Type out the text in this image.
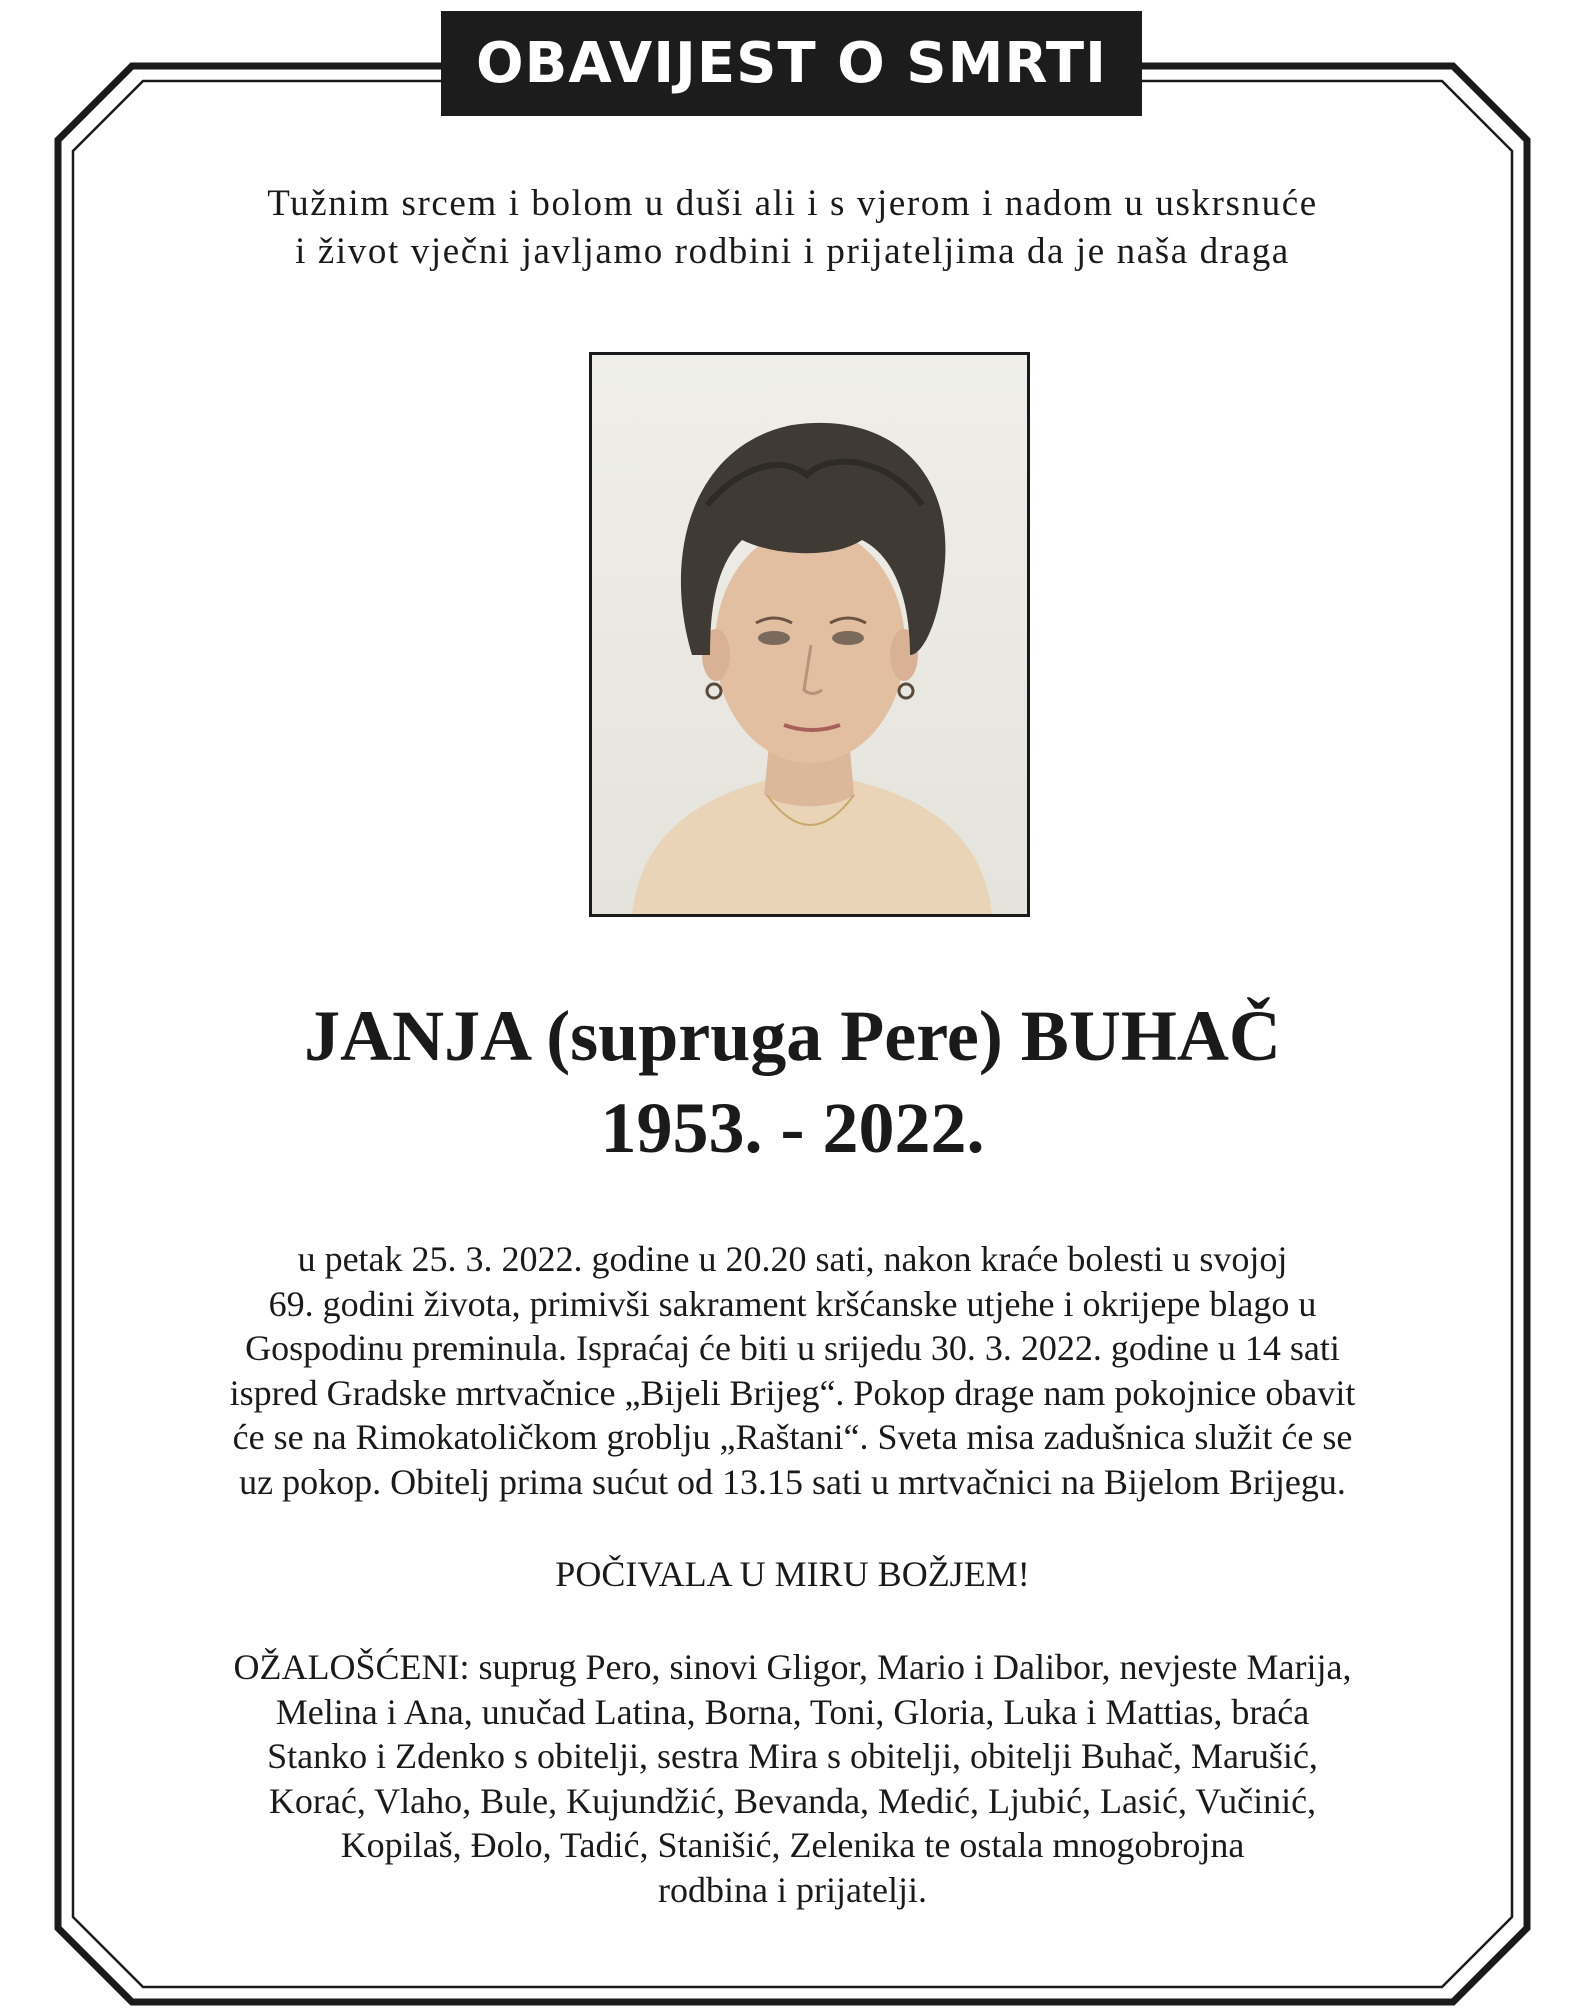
OBAVIJEST O SMRTI
Tužnim srcem i bolom u duši ali i s vjerom i nadom u uskrsnuće
i život vječni javljamo rodbini i prijateljima da je naša draga
JANJA (supruga Pere) BUHAČ
1953. - 2022.
u petak 25. 3. 2022. godine u 20.20 sati, nakon kraće bolesti u svojoj
69. godini života, primivši sakrament kršćanske utjehe i okrijepe blago u
Gospodinu preminula. Ispraćaj će biti u srijedu 30. 3. 2022. godine u 14 sati
ispred Gradske mrtvačnice „Bijeli Brijeg“. Pokop drage nam pokojnice obavit
će se na Rimokatoličkom groblju „Raštani“. Sveta misa zadušnica služit će se
uz pokop. Obitelj prima sućut od 13.15 sati u mrtvačnici na Bijelom Brijegu.
POČIVALA U MIRU BOŽJEM!
OŽALOŠĆENI: suprug Pero, sinovi Gligor, Mario i Dalibor, nevjeste Marija,
Melina i Ana, unučad Latina, Borna, Toni, Gloria, Luka i Mattias, braća
Stanko i Zdenko s obitelji, sestra Mira s obitelji, obitelji Buhač, Marušić,
Korać, Vlaho, Bule, Kujundžić, Bevanda, Medić, Ljubić, Lasić, Vučinić,
Kopilaš, Đolo, Tadić, Stanišić, Zelenika te ostala mnogobrojna
rodbina i prijatelji.
